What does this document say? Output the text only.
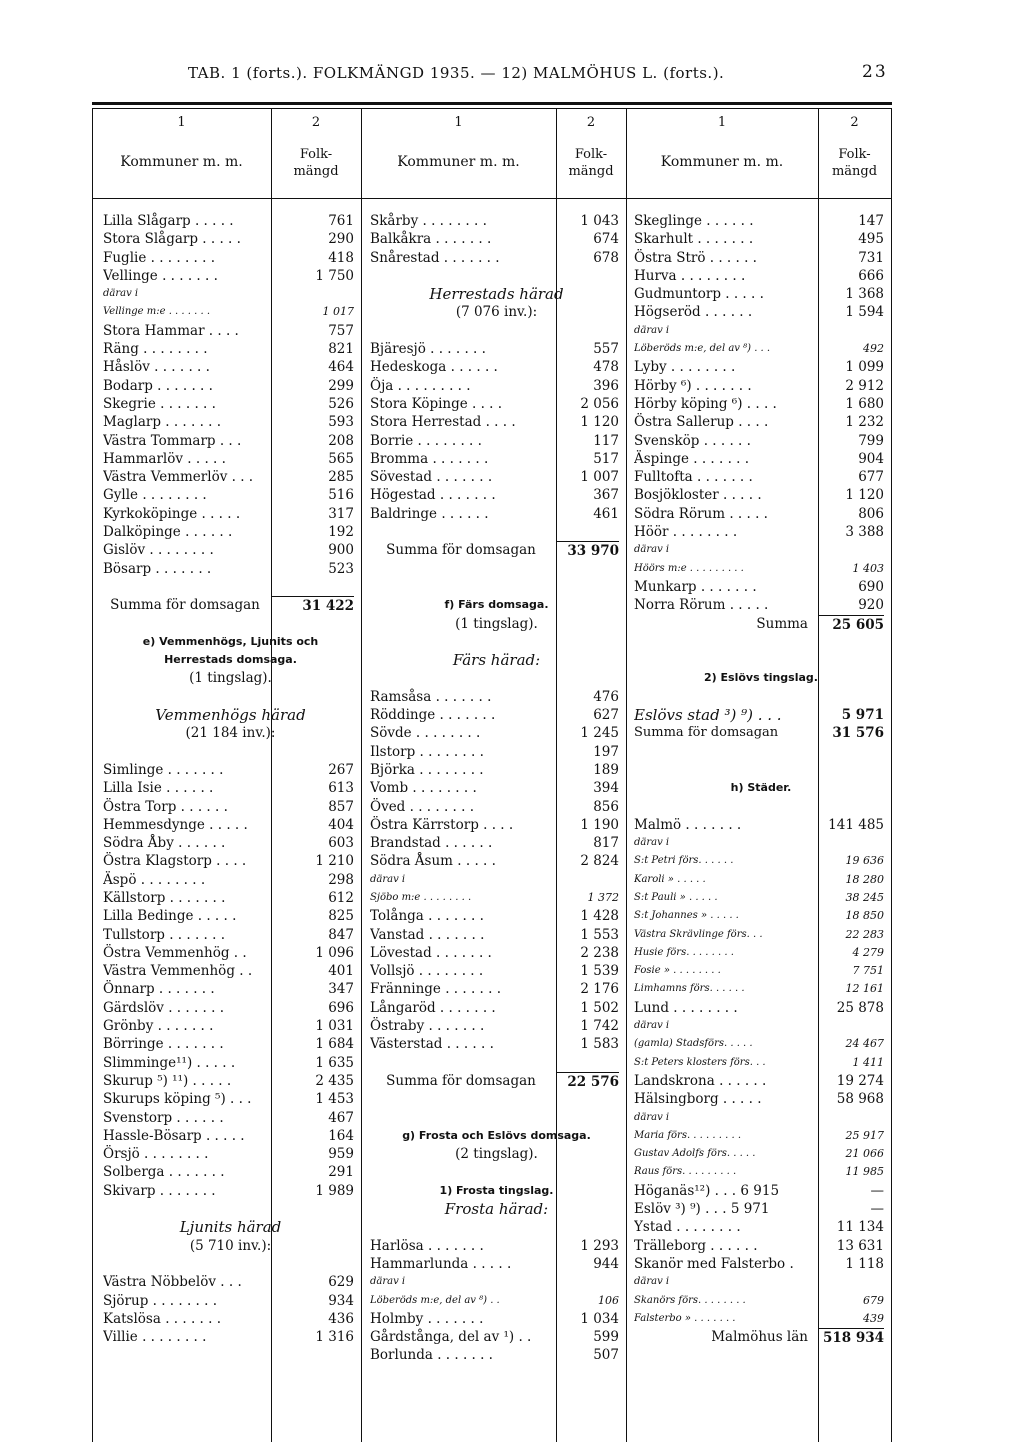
TAB. 1 (forts.). FOLKMÄNGD 1935. — 12) MALMÖHUS L. (forts.).	23
1	2	1	2	1	2
Kommuner m. m.	Folk-
mängd
Kommuner m. m.	Folk-
mängd
Kommuner m. m.	Folk-
mängd
Lilla Slågarp . . . . .	761
Stora Slågarp . . . . .	290
Fuglie . . . . . . . .	418
Vellinge . . . . . . .	1 750
därav i
Vellinge m:e . . . . . . .	1 017
Stora Hammar . . . .	757
Räng . . . . . . . .	821
Håslöv . . . . . . .	464
Bodarp . . . . . . .	299
Skegrie . . . . . . .	526
Maglarp . . . . . . .	593
Västra Tommarp . . .	208
Hammarlöv . . . . .	565
Västra Vemmerlöv . . .	285
Gylle . . . . . . . .	516
Kyrkoköpinge . . . . .	317
Dalköpinge . . . . . .	192
Gislöv . . . . . . . .	900
Bösarp . . . . . . .	523
Summa för domsagan	31 422
e) Vemmenhögs, Ljunits och
Herrestads domsaga.
(1 tingslag).
Vemmenhögs härad
(21 184 inv.):
Simlinge . . . . . . .	267
Lilla Isie . . . . . .	613
Östra Torp . . . . . .	857
Hemmesdynge . . . . .	404
Södra Åby . . . . . .	603
Östra Klagstorp . . . .	1 210
Äspö . . . . . . . .	298
Källstorp . . . . . . .	612
Lilla Bedinge . . . . .	825
Tullstorp . . . . . . .	847
Östra Vemmenhög . .	1 096
Västra Vemmenhög . .	401
Önnarp . . . . . . .	347
Gärdslöv . . . . . . .	696
Grönby . . . . . . .	1 031
Börringe . . . . . . .	1 684
Slimminge¹¹) . . . . .	1 635
Skurup ⁵) ¹¹) . . . . .	2 435
Skurups köping ⁵) . . .	1 453
Svenstorp . . . . . .	467
Hassle-Bösarp . . . . .	164
Örsjö . . . . . . . .	959
Solberga . . . . . . .	291
Skivarp . . . . . . .	1 989
Ljunits härad
(5 710 inv.):
Västra Nöbbelöv . . .	629
Sjörup . . . . . . . .	934
Katslösa . . . . . . .	436
Villie . . . . . . . .	1 316
Skårby . . . . . . . .	1 043
Balkåkra . . . . . . .	674
Snårestad . . . . . . .	678
Herrestads härad
(7 076 inv.):
Bjäresjö . . . . . . .	557
Hedeskoga . . . . . .	478
Öja . . . . . . . . .	396
Stora Köpinge . . . .	2 056
Stora Herrestad . . . .	1 120
Borrie . . . . . . . .	117
Bromma . . . . . . .	517
Sövestad . . . . . . .	1 007
Högestad . . . . . . .	367
Baldringe . . . . . .	461
Summa för domsagan	33 970
f) Färs domsaga.
(1 tingslag).
Färs härad:
Ramsåsa . . . . . . .	476
Röddinge . . . . . . .	627
Sövde . . . . . . . .	1 245
Ilstorp . . . . . . . .	197
Björka . . . . . . . .	189
Vomb . . . . . . . .	394
Öved . . . . . . . .	856
Östra Kärrstorp . . . .	1 190
Brandstad . . . . . .	817
Södra Åsum . . . . .	2 824
därav i
Sjöbo m:e . . . . . . . .	1 372
Tolånga . . . . . . .	1 428
Vanstad . . . . . . .	1 553
Lövestad . . . . . . .	2 238
Vollsjö . . . . . . . .	1 539
Fränninge . . . . . . .	2 176
Långaröd . . . . . . .	1 502
Östraby . . . . . . .	1 742
Västerstad . . . . . .	1 583
Summa för domsagan	22 576
g) Frosta och Eslövs domsaga.
(2 tingslag).
1) Frosta tingslag.
Frosta härad:
Harlösa . . . . . . .	1 293
Hammarlunda . . . . .	944
därav i
Löberöds m:e, del av ⁸) . .	106
Holmby . . . . . . .	1 034
Gårdstånga, del av ¹) . .	599
Borlunda . . . . . . .	507
Skeglinge . . . . . .	147
Skarhult . . . . . . .	495
Östra Strö . . . . . .	731
Hurva . . . . . . . .	666
Gudmuntorp . . . . .	1 368
Högseröd . . . . . .	1 594
därav i
Löberöds m:e, del av ⁸) . . .	492
Lyby . . . . . . . .	1 099
Hörby ⁶) . . . . . . .	2 912
Hörby köping ⁶) . . . .	1 680
Östra Sallerup . . . .	1 232
Svensköp . . . . . .	799
Äspinge . . . . . . .	904
Fulltofta . . . . . . .	677
Bosjökloster . . . . .	1 120
Södra Rörum . . . . .	806
Höör . . . . . . . .	3 388
därav i
Höörs m:e . . . . . . . . .	1 403
Munkarp . . . . . . .	690
Norra Rörum . . . . .	920
Summa	25 605
2) Eslövs tingslag.
Eslövs stad ³) ⁹) . . .	5 971
Summa för domsagan	31 576
h) Städer.
Malmö . . . . . . .	141 485
därav i
S:t Petri förs. . . . . .	19 636
Karoli » . . . . .	18 280
S:t Pauli » . . . . .	38 245
S:t Johannes » . . . . .	18 850
Västra Skrävlinge förs. . .	22 283
Husie förs. . . . . . . .	4 279
Fosie » . . . . . . . .	7 751
Limhamns förs. . . . . .	12 161
Lund . . . . . . . .	25 878
därav i
(gamla) Stadsförs. . . . .	24 467
S:t Peters klosters förs. . .	1 411
Landskrona . . . . . .	19 274
Hälsingborg . . . . .	58 968
därav i
Maria förs. . . . . . . . .	25 917
Gustav Adolfs förs. . . . .	21 066
Raus förs. . . . . . . . .	11 985
Höganäs¹²) . . . 6 915	—
Eslöv ³) ⁹) . . . 5 971	—
Ystad . . . . . . . .	11 134
Trälleborg . . . . . .	13 631
Skanör med Falsterbo .	1 118
därav i
Skanörs förs. . . . . . . .	679
Falsterbo » . . . . . . .	439
Malmöhus län	518 934
